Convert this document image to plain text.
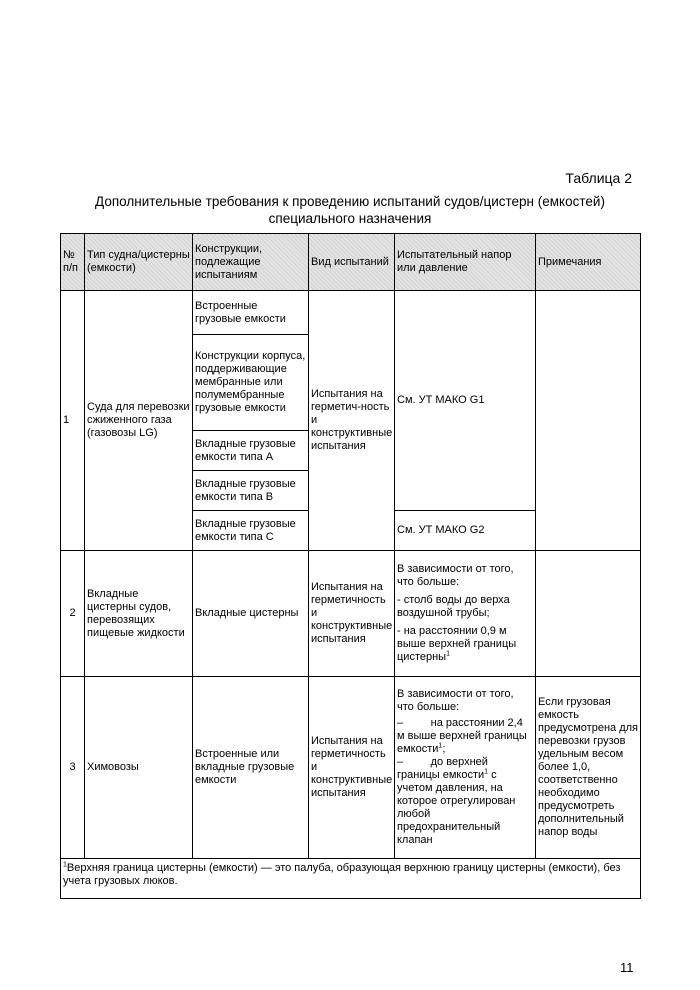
Таблица 2
Дополнительные требования к проведению испытаний судов/цистерн (емкостей)
специального назначения
№ п/п	Тип судна/цистерны (емкости)	Конструкции, подлежащие испытаниям	Вид испытаний	Испытательный напор или давление	Примечания
1	Суда для перевозки сжиженного газа (газовозы LG)	Встроенные грузовые емкости	Испытания на герметич-ность и конструктивные испытания	См. УТ МАКО G1	
		Конструкции корпуса, поддерживающие мембранные или полумембранные грузовые емкости			
		Вкладные грузовые емкости типа A			
		Вкладные грузовые емкости типа B			
		Вкладные грузовые емкости типа C		См. УТ МАКО G2	
2	Вкладные цистерны судов, перевозящих пищевые жидкости	Вкладные цистерны	Испытания на герметичность и конструктивные испытания	В зависимости от того, что больше:
- столб воды до верха воздушной трубы;
- на расстоянии 0,9 м выше верхней границы цистерны$^1$

3	Химовозы	Встроенные или вкладные грузовые емкости	Испытания на герметичность и конструктивные испытания	В зависимости от того, что больше:
– на расстоянии 2,4 м выше верхней границы емкости$^1$;
– до верхней границы емкости$^1$ с учетом давления, на которое отрегулирован любой предохранительный клапан	Если грузовая емкость предусмотрена для перевозки грузов удельным весом более 1,0, соответственно необходимо предусмотреть дополнительный напор воды
$^1$Верхняя граница цистерны (емкости) — это палуба, образующая верхнюю границу цистерны (емкости), без учета грузовых люков.					
11
